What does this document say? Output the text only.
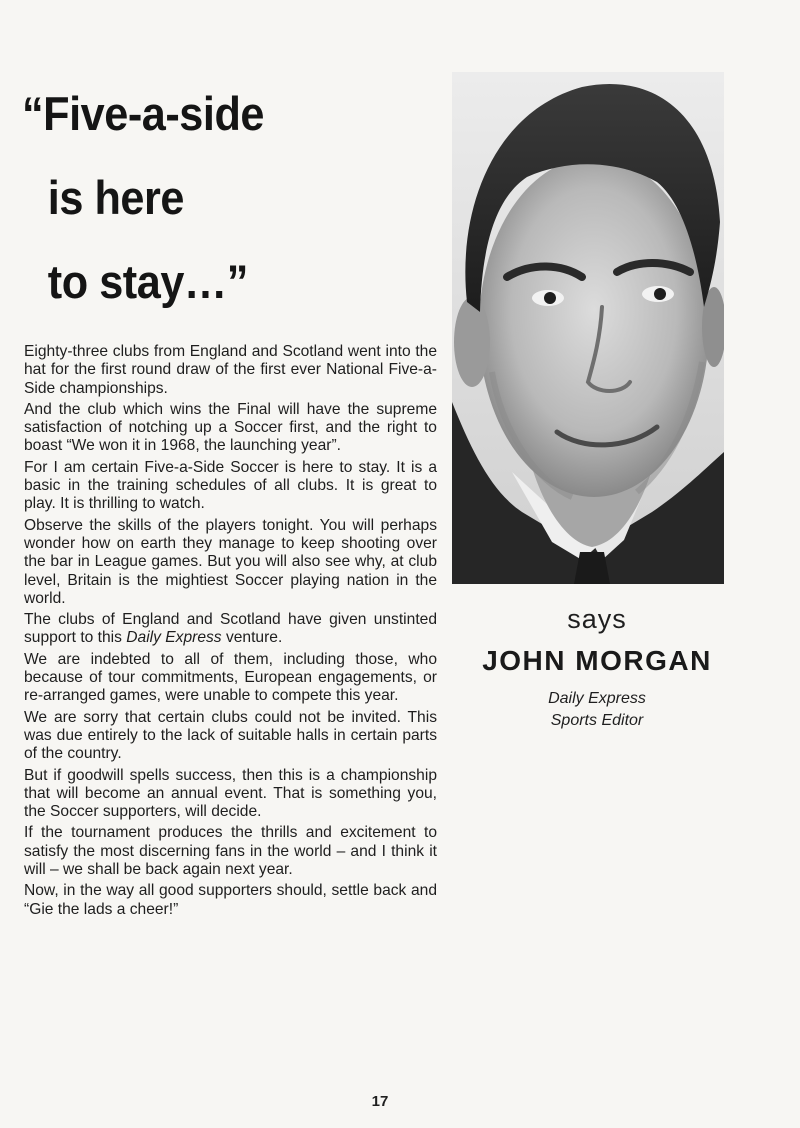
“Five-a-side
is here
to stay…”

Eighty-three clubs from England and Scotland went into the hat for the first round draw of the first ever National Five-a-Side championships.

And the club which wins the Final will have the supreme satisfaction of notching up a Soccer first, and the right to boast “We won it in 1968, the launching year”.

For I am certain Five-a-Side Soccer is here to stay. It is a basic in the training schedules of all clubs. It is great to play. It is thrilling to watch.

Observe the skills of the players tonight. You will perhaps wonder how on earth they manage to keep shooting over the bar in League games. But you will also see why, at club level, Britain is the mightiest Soccer playing nation in the world.

The clubs of England and Scotland have given unstinted support to this Daily Express venture.

We are indebted to all of them, including those, who because of tour commitments, European engagements, or re-arranged games, were unable to compete this year.

We are sorry that certain clubs could not be invited. This was due entirely to the lack of suitable halls in certain parts of the country.

But if goodwill spells success, then this is a championship that will become an annual event. That is something you, the Soccer supporters, will decide.

If the tournament produces the thrills and excitement to satisfy the most discerning fans in the world – and I think it will – we shall be back again next year.

Now, in the way all good supporters should, settle back and “Gie the lads a cheer!”

says
JOHN MORGAN
Daily Express
Sports Editor
17
